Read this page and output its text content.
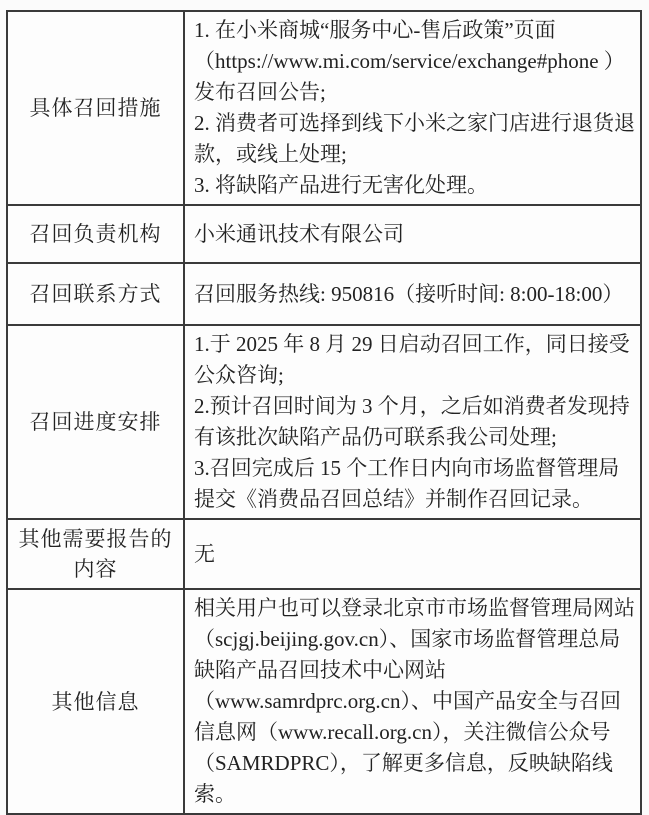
具体召回措施

1. 在小米商城“服务中心-售后政策”页面（https://www.mi.com/service/exchange#phone ）发布召回公告;

2. 消费者可选择到线下小米之家门店进行退货退款，或线上处理;

3. 将缺陷产品进行无害化处理。

召回负责机构 小米通讯技术有限公司

召回联系方式 召回服务热线: 950816（接听时间: 8:00-18:00）

召回进度安排

1.于 2025 年 8 月 29 日启动召回工作，同日接受公众咨询;

2.预计召回时间为 3 个月，之后如消费者发现持有该批次缺陷产品仍可联系我公司处理;

3.召回完成后 15 个工作日内向市场监督管理局提交《消费品召回总结》并制作召回记录。

其他需要报告的内容

无

其他信息

相关用户也可以登录北京市市场监督管理局网站（scjgj.beijing.gov.cn）、国家市场监督管理总局缺陷产品召回技术中心网站（www.samrdprc.org.cn）、中国产品安全与召回信息网（www.recall.org.cn），关注微信公众号（SAMRDPRC），了解更多信息，反映缺陷线索。
